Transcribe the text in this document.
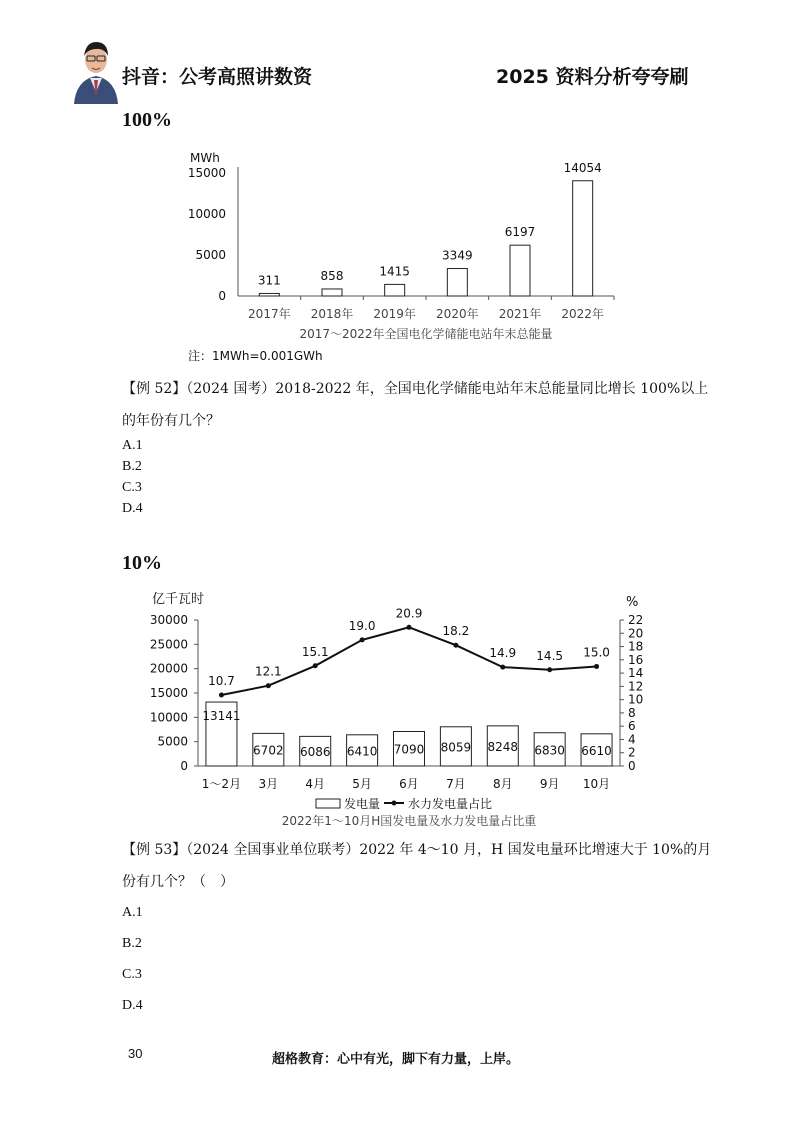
抖音：公考高照讲数资	2025 资料分析夸夸刷
100%
MWh
0
5000
10000
15000
311
2017年
858
2018年
1415
2019年
3349
2020年
6197
2021年
14054
2022年
2017～2022年全国电化学储能电站年末总能量
注：1MWh=0.001GWh
【例 52】（2024 国考）2018-2022 年，全国电化学储能电站年末总能量同比增长 100%以上
的年份有几个？
A.1
B.2
C.3
D.4
10%
亿千瓦时	%
0
5000
10000
15000
20000
25000
30000
0
2
4
6
8
10
12
14
16
18
20
22
13141
1～2月
6702
3月
6086
4月
6410
5月
7090
6月
8059
7月
8248
8月
6830
9月
6610
10月
10.7
12.1
15.1
19.0
20.9
18.2
14.9 14.5 15.0
发电量 水力发电量占比
2022年1～10月H国发电量及水力发电量占比重
【例 53】（2024 全国事业单位联考）2022 年 4～10 月，H 国发电量环比增速大于 10%的月
份有几个？（　）
A.1
B.2
C.3
D.4
30	超格教育：心中有光，脚下有力量，上岸。
